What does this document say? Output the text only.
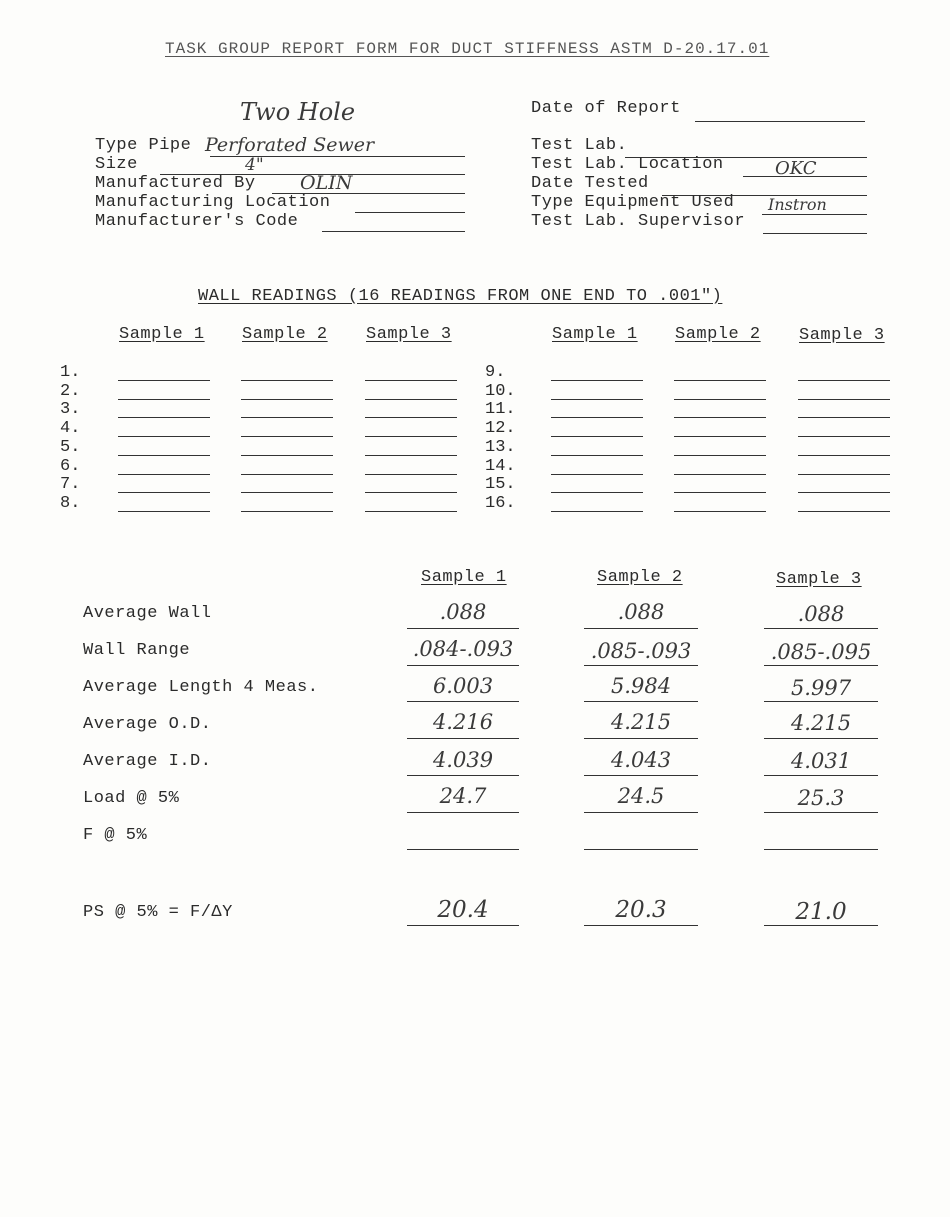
TASK GROUP REPORT FORM FOR DUCT STIFFNESS ASTM D-20.17.01
Two Hole
Type Pipe Perforated Sewer
Size	4"
Manufactured By OLIN
Manufacturing Location
Manufacturer's Code
Date of Report
Test Lab.
Test Lab. Location	OKC
Date Tested
Type Equipment Used Instron
Test Lab. Supervisor
WALL READINGS (16 READINGS FROM ONE END TO .001")
Sample 1 Sample 2 Sample 3	Sample 1 Sample 2 Sample 3
1.	9.
2.	10.
3.	11.
4.	12.
5.	13.
6.	14.
7.	15.
8.	16.
Sample 1	Sample 2	Sample 3
Average Wall	.088	.088	.088
Wall Range	.084-.093	.085-.093	.085-.095
Average Length 4 Meas.	6.003	5.984	5.997
Average O.D.	4.216	4.215	4.215
Average I.D.	4.039	4.043	4.031
Load @ 5%	24.7	24.5	25.3
F @ 5%
PS @ 5% = F/ΔY	20.4	20.3	21.0
